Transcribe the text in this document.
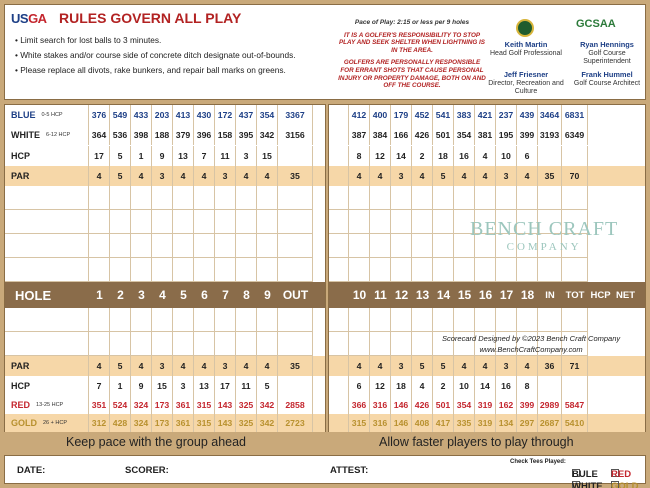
USGA RULES GOVERN ALL PLAY
• Limit search for lost balls to 3 minutes.
• White stakes and/or course side of concrete ditch designate out-of-bounds.
• Please replace all divots, rake bunkers, and repair ball marks on greens.
Pace of Play: 2:15 or less per 9 holes
IT IS A GOLFER'S RESPONSIBILITY TO STOP PLAY AND SEEK SHELTER WHEN LIGHTNING IS IN THE AREA.
GOLFERS ARE PERSONALLY RESPONSIBLE FOR ERRANT SHOTS THAT CAUSE PERSONAL INJURY OR PROPERTY DAMAGE, BOTH ON AND OFF THE COURSE.
GCSAA
Keith Martin
Head Golf Professional
Ryan Hennings
Golf Course Superintendent
Jeff Friesner
Director, Recreation and Culture
Frank Hummel
Golf Course Architect
BLUE 0-5 HCP	376 549 433 203 413 430 172 437 354	3367
WHITE 6-12 HCP	364 536 398 188 379 396 158 395 342	3156
HCP	17	5	1	9	13	7	11	3	15
PAR	4	5	4	3	4	4	3	4	4	35
HOLE	1	2	3	4	5	6	7	8	9 OUT
PAR	4	5	4	3	4	4	3	4	4	35
HCP	7	1	9	15	3	13	17	11	5
RED 13-25 HCP	351 524 324 173 361 315 143 325 342	2858
GOLD 26 + HCP	312 428 324 173 361 315 143 325 342	2723
412 400 179 452 541 383 421 237 439 3464 6831
387 384 166 426 501 354 381 195 399 3193 6349
8	12	14	2	18	16	4	10	6
4	4	3	4	5	4	4	3	4	35	70
10 11 12 13 14 15 16 17 18	IN	TOT HCP NET
4	4	3	5	5	4	4	3	4	36	71
6	12	18	4	2	10	14	16	8
366 316 146 426 501 354 319 162 399 2989 5847
315 316 146 408 417 335 319 134 297 2687 5410
BENCH CRAFT
COMPANY
Scorecard Designed by ©2023 Bench Craft Company
www.BenchCraftCompany.com
Keep pace with the group ahead	Allow faster players to play through
DATE:	SCORER:	ATTEST:
Check Tees Played:
BULE RED
WHITE GOLD
